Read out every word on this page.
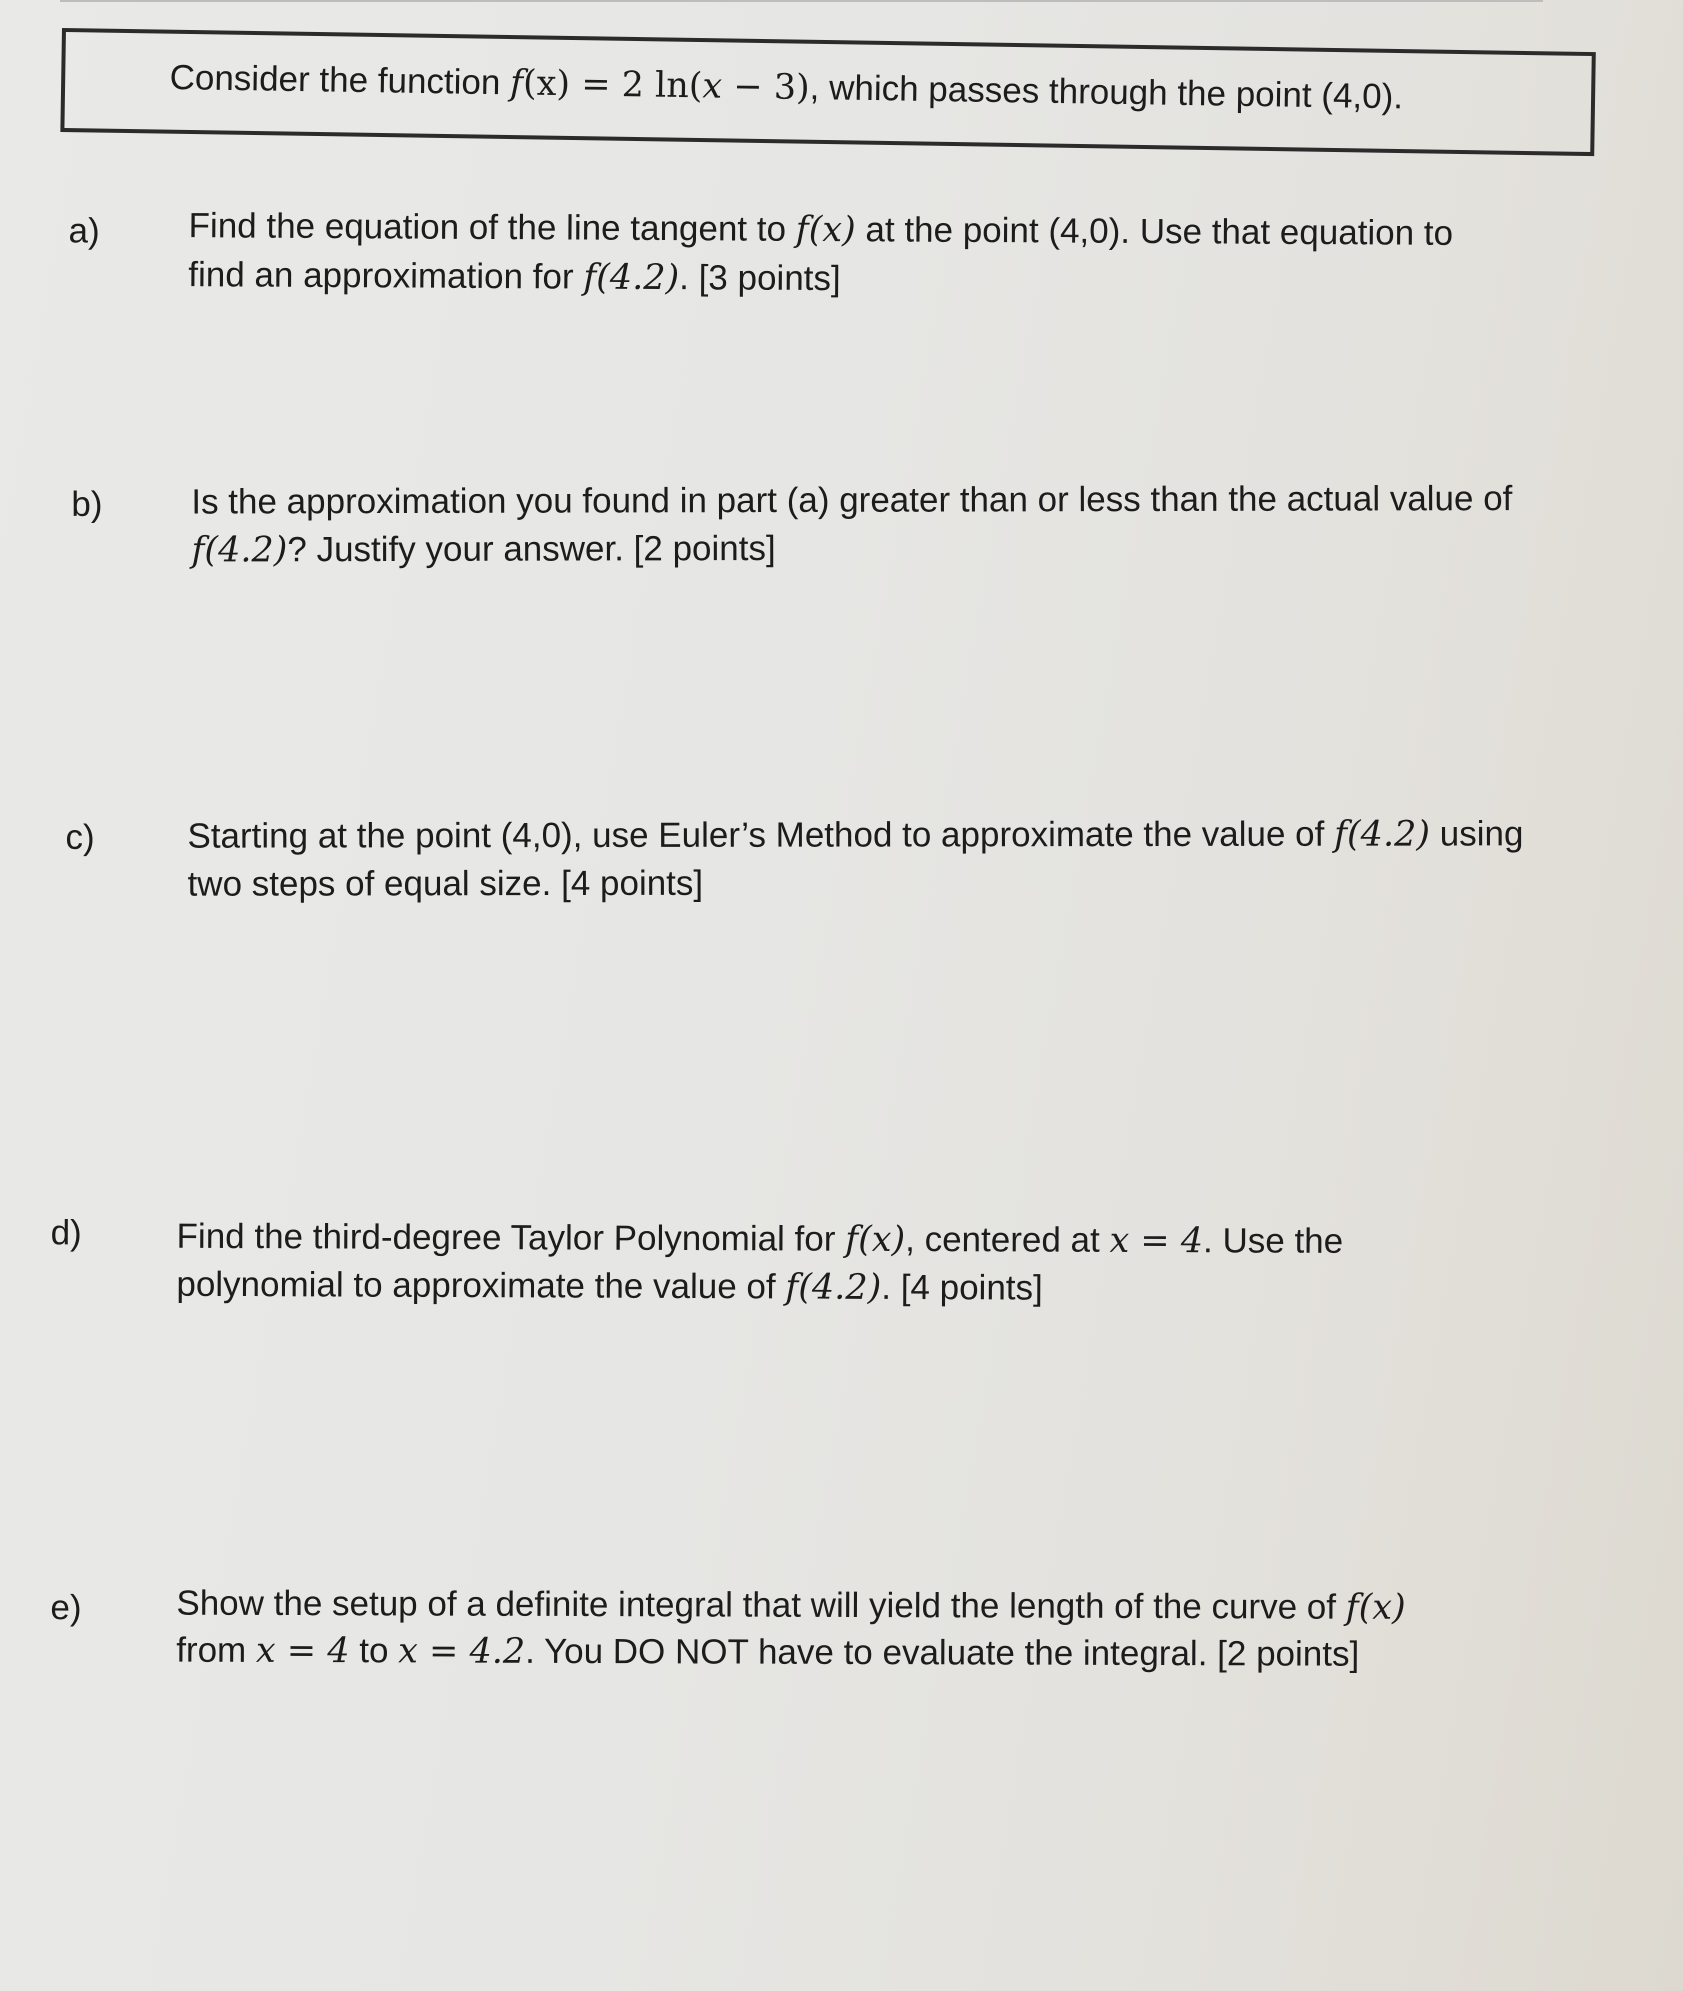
Consider the function f(x) = 2 ln(x − 3), which passes through the point (4,0).
a)	Find the equation of the line tangent to f(x) at the point (4,0). Use that equation to
find an approximation for f(4.2). [3 points]
b)	Is the approximation you found in part (a) greater than or less than the actual value of
f(4.2)? Justify your answer. [2 points]
c)	Starting at the point (4,0), use Euler’s Method to approximate the value of f(4.2) using
two steps of equal size. [4 points]
d)	Find the third-degree Taylor Polynomial for f(x), centered at x = 4. Use the
polynomial to approximate the value of f(4.2). [4 points]
e)	Show the setup of a definite integral that will yield the length of the curve of f(x)
from x = 4 to x = 4.2. You DO NOT have to evaluate the integral. [2 points]
